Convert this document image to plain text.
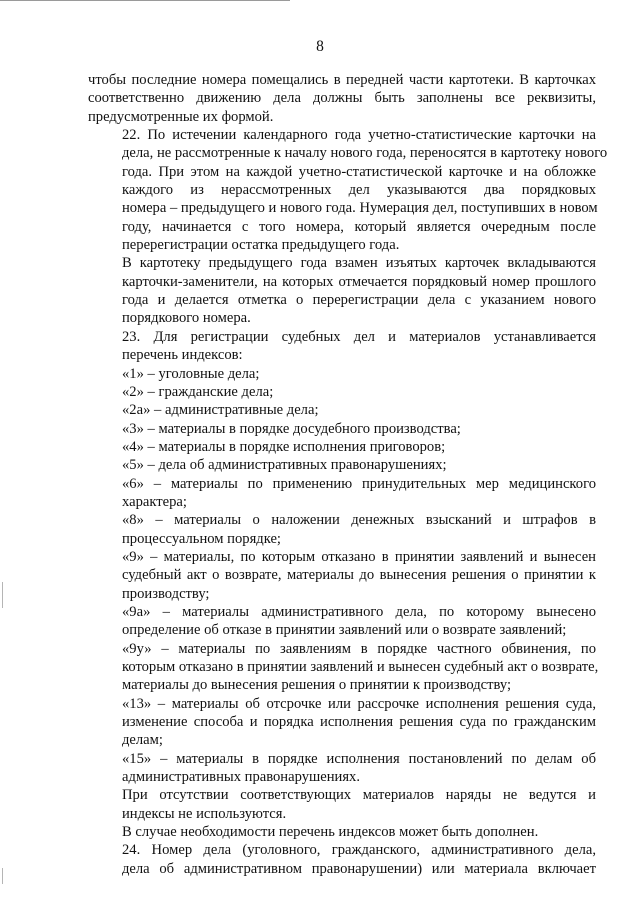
8
чтобы последние номера помещались в передней части картотеки. В карточках
соответственно движению дела должны быть заполнены все реквизиты,
предусмотренные их формой.
22. По истечении календарного года учетно-статистические карточки на
дела, не рассмотренные к началу нового года, переносятся в картотеку нового
года. При этом на каждой учетно-статистической карточке и на обложке
каждого из нерассмотренных дел указываются два порядковых
номера – предыдущего и нового года. Нумерация дел, поступивших в новом
году, начинается с того номера, который является очередным после
перерегистрации остатка предыдущего года.
В картотеку предыдущего года взамен изъятых карточек вкладываются
карточки-заменители, на которых отмечается порядковый номер прошлого
года и делается отметка о перерегистрации дела с указанием нового
порядкового номера.
23. Для регистрации судебных дел и материалов устанавливается
перечень индексов:
«1» – уголовные дела;
«2» – гражданские дела;
«2а» – административные дела;
«3» – материалы в порядке досудебного производства;
«4» – материалы в порядке исполнения приговоров;
«5» – дела об административных правонарушениях;
«6» – материалы по применению принудительных мер медицинского
характера;
«8» – материалы о наложении денежных взысканий и штрафов в
процессуальном порядке;
«9» – материалы, по которым отказано в принятии заявлений и вынесен
судебный акт о возврате, материалы до вынесения решения о принятии к
производству;
«9а» – материалы административного дела, по которому вынесено
определение об отказе в принятии заявлений или о возврате заявлений;
«9у» – материалы по заявлениям в порядке частного обвинения, по
которым отказано в принятии заявлений и вынесен судебный акт о возврате,
материалы до вынесения решения о принятии к производству;
«13» – материалы об отсрочке или рассрочке исполнения решения суда,
изменение способа и порядка исполнения решения суда по гражданским
делам;
«15» – материалы в порядке исполнения постановлений по делам об
административных правонарушениях.
При отсутствии соответствующих материалов наряды не ведутся и
индексы не используются.
В случае необходимости перечень индексов может быть дополнен.
24. Номер дела (уголовного, гражданского, административного дела,
дела об административном правонарушении) или материала включает
